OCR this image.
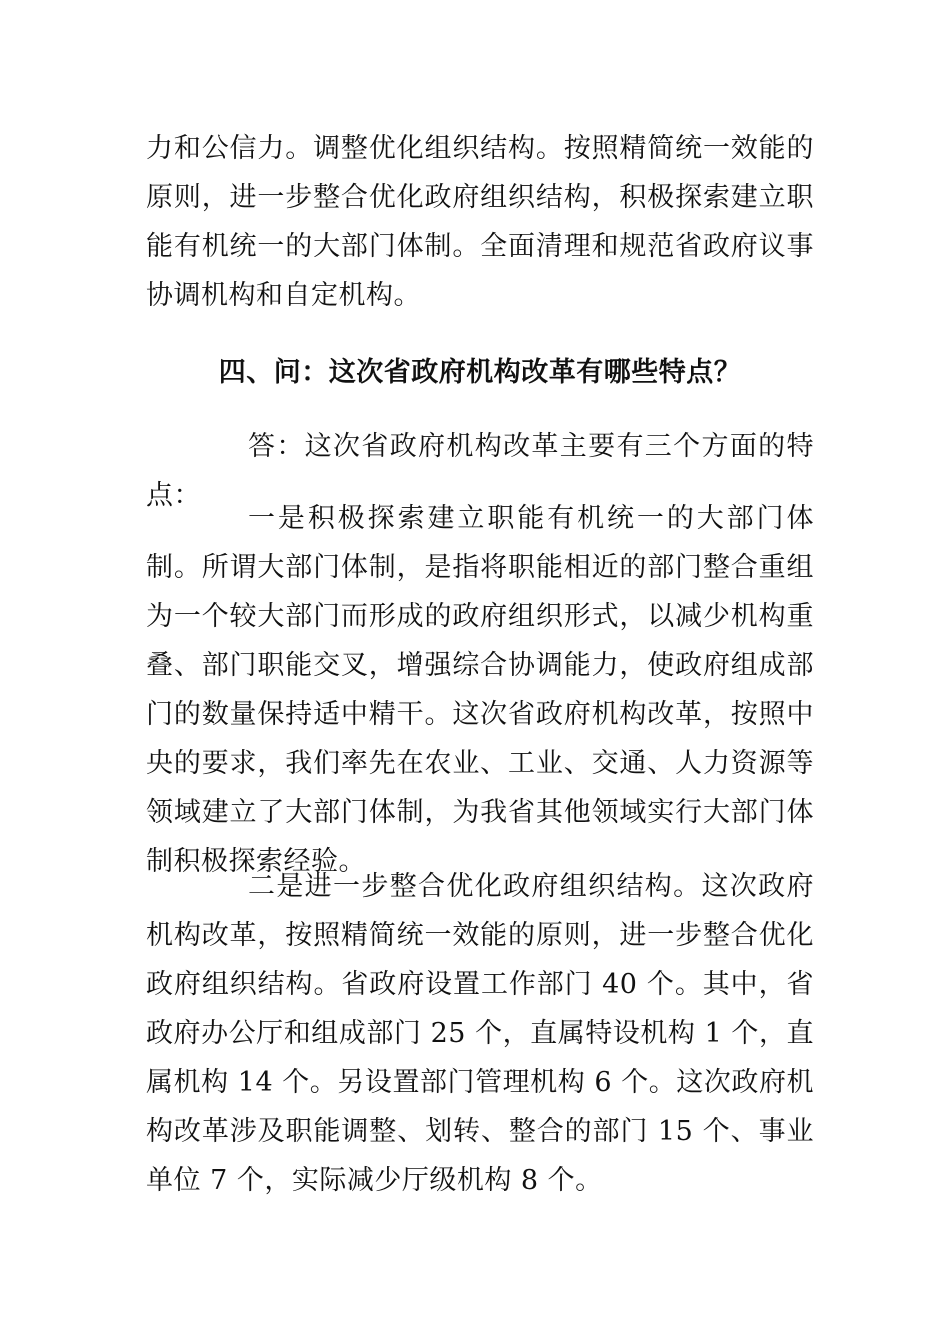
力和公信力。调整优化组织结构。按照精简统一效能的原则，进一步整合优化政府组织结构，积极探索建立职能有机统一的大部门体制。全面清理和规范省政府议事协调机构和自定机构。

四、问：这次省政府机构改革有哪些特点？

答：这次省政府机构改革主要有三个方面的特点：

一是积极探索建立职能有机统一的大部门体制。所谓大部门体制，是指将职能相近的部门整合重组为一个较大部门而形成的政府组织形式，以减少机构重叠、部门职能交叉，增强综合协调能力，使政府组成部门的数量保持适中精干。这次省政府机构改革，按照中央的要求，我们率先在农业、工业、交通、人力资源等领域建立了大部门体制，为我省其他领域实行大部门体制积极探索经验。

二是进一步整合优化政府组织结构。这次政府机构改革，按照精简统一效能的原则，进一步整合优化政府组织结构。省政府设置工作部门 40 个。其中，省政府办公厅和组成部门 25 个，直属特设机构 1 个，直属机构 14 个。另设置部门管理机构 6 个。这次政府机构改革涉及职能调整、划转、整合的部门 15 个、事业单位 7 个，实际减少厅级机构 8 个。
